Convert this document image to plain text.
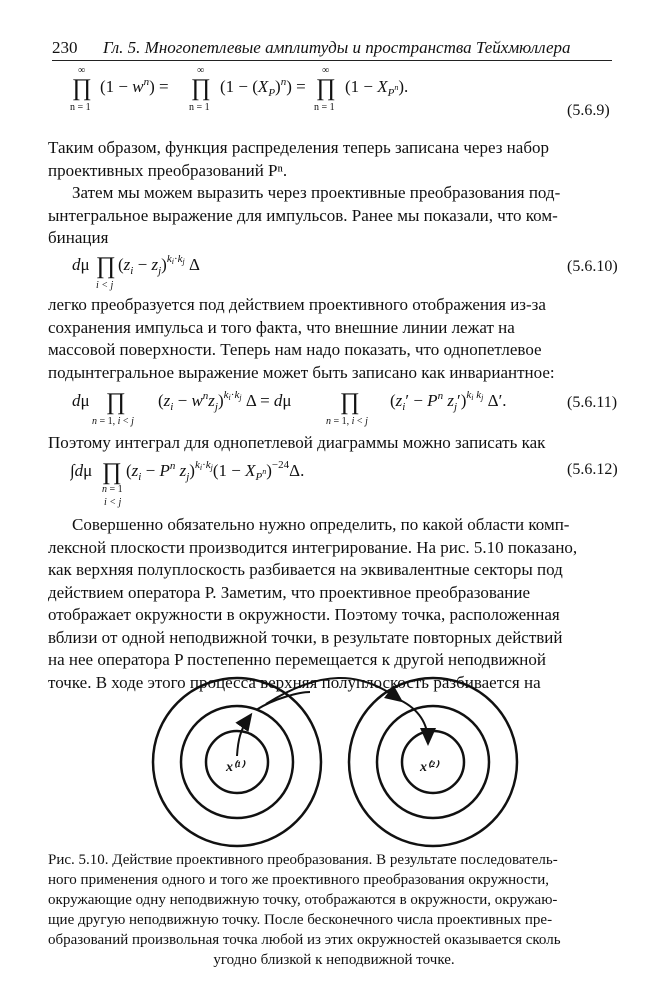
230 Гл. 5. Многопетлевые амплитуды и пространства Тейхмюллера
∞
∏
n = 1
$(1 - w^n)$ =
∞
∏
n = 1
$(1 - (X_P)^n)$ =
∞
∏
n = 1
$(1 - X_P^n)$.
(5.6.9)
Таким образом, функция распределения теперь записана через набор
проективных преобразований Pⁿ.
Затем мы можем выразить через проективные преобразования под-
ынтегральное выражение для импульсов. Ранее мы показали, что ком-
бинация
dμ ∏
i < j
$(z_i - z_j)^ki\cdot kj$ Δ	(5.6.10)
легко преобразуется под действием проективного отображения из-за
сохранения импульса и того факта, что внешние линии лежат на
массовой поверхности. Теперь нам надо показать, что однопетлевое
подынтегральное выражение может быть записано как инвариантное:
dμ ∏
n = 1, i < j
$(z_i - w^nz_j)^ki\cdot kj$ Δ = dμ ∏
n = 1, i < j
($z_i' - P^n$ $z_j')^ki$ kj Δ′.	(5.6.11)
Поэтому интеграл для однопетлевой диаграммы можно записать как
∫dμ ∏
n = 1
i < j
($z_i - P^n$ $z_j)^ki\cdot kj(1 - X_P^n)^{-24}\Delta$.	(5.6.12)
Совершенно обязательно нужно определить, по какой области комп-
лексной плоскости производится интегрирование. На рис. 5.10 показано,
как верхняя полуплоскость разбивается на эквивалентные секторы под
действием оператора P. Заметим, что проективное преобразование
отображает окружности в окружности. Поэтому точка, расположенная
вблизи от одной неподвижной точки, в результате повторных действий
на нее оператора P постепенно перемещается к другой неподвижной
точке. В ходе этого процесса верхняя полуплоскость разбивается на
x⁽¹⁾	x⁽²⁾
Рис. 5.10. Действие проективного преобразования. В результате последователь-
ного применения одного и того же проективного преобразования окружности,
окружающие одну неподвижную точку, отображаются в окружности, окружаю-
щие другую неподвижную точку. После бесконечного числа проективных пре-
образований произвольная точка любой из этих окружностей оказывается сколь
угодно близкой к неподвижной точке.
